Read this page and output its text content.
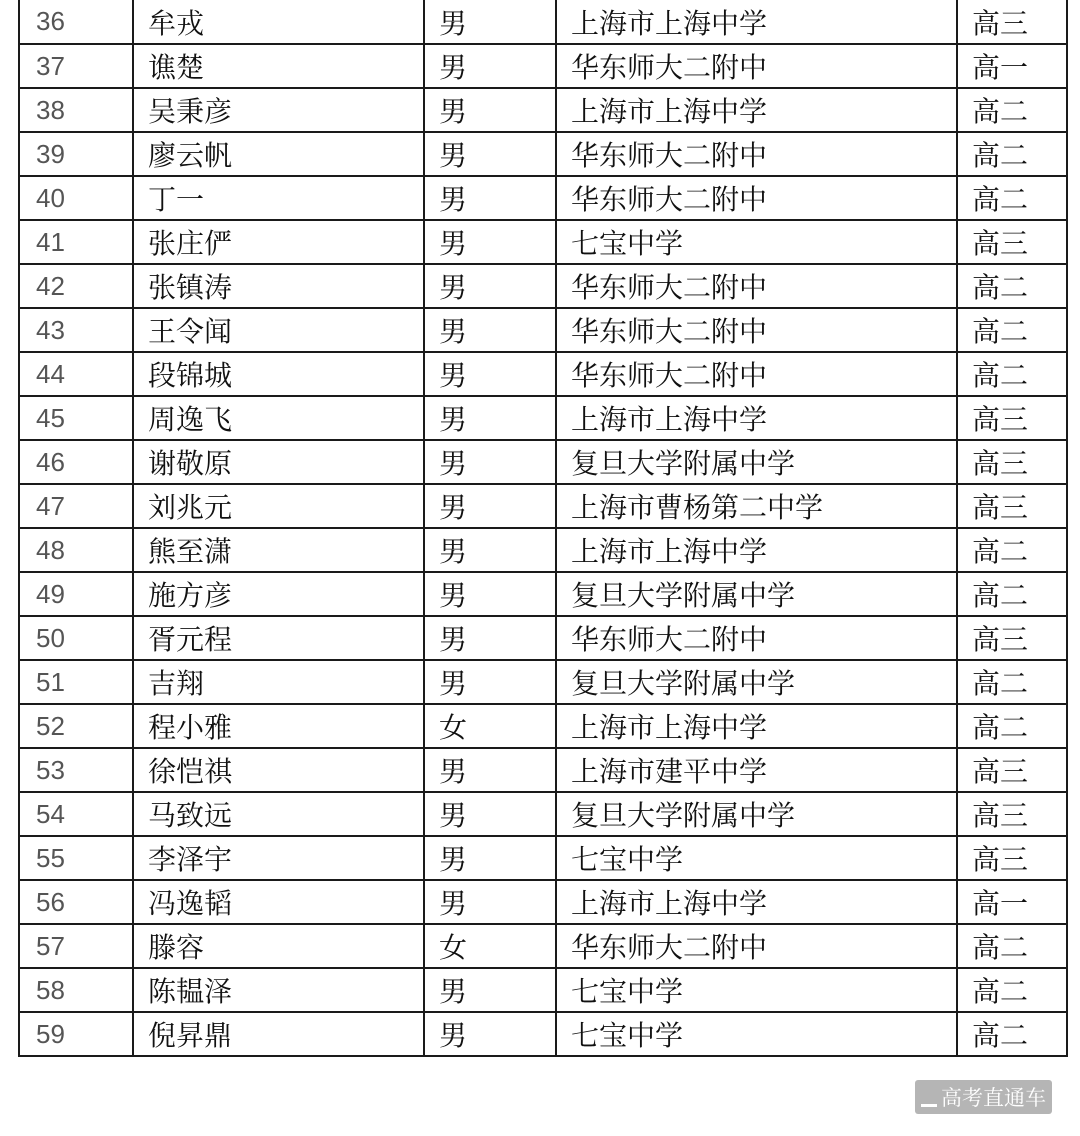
36	牟戎	男	上海市上海中学	高三
37	谯楚	男	华东师大二附中	高一
38	吴秉彦	男	上海市上海中学	高二
39	廖云帆	男	华东师大二附中	高二
40	丁一	男	华东师大二附中	高二
41	张庄俨	男	七宝中学	高三
42	张镇涛	男	华东师大二附中	高二
43	王令闻	男	华东师大二附中	高二
44	段锦城	男	华东师大二附中	高二
45	周逸飞	男	上海市上海中学	高三
46	谢敬原	男	复旦大学附属中学	高三
47	刘兆元	男	上海市曹杨第二中学	高三
48	熊至潇	男	上海市上海中学	高二
49	施方彦	男	复旦大学附属中学	高二
50	胥元程	男	华东师大二附中	高三
51	吉翔	男	复旦大学附属中学	高二
52	程小雅	女	上海市上海中学	高二
53	徐恺祺	男	上海市建平中学	高三
54	马致远	男	复旦大学附属中学	高三
55	李泽宇	男	七宝中学	高三
56	冯逸韬	男	上海市上海中学	高一
57	滕容	女	华东师大二附中	高二
58	陈韫泽	男	七宝中学	高二
59	倪昇鼎	男	七宝中学	高二
高考直通车
